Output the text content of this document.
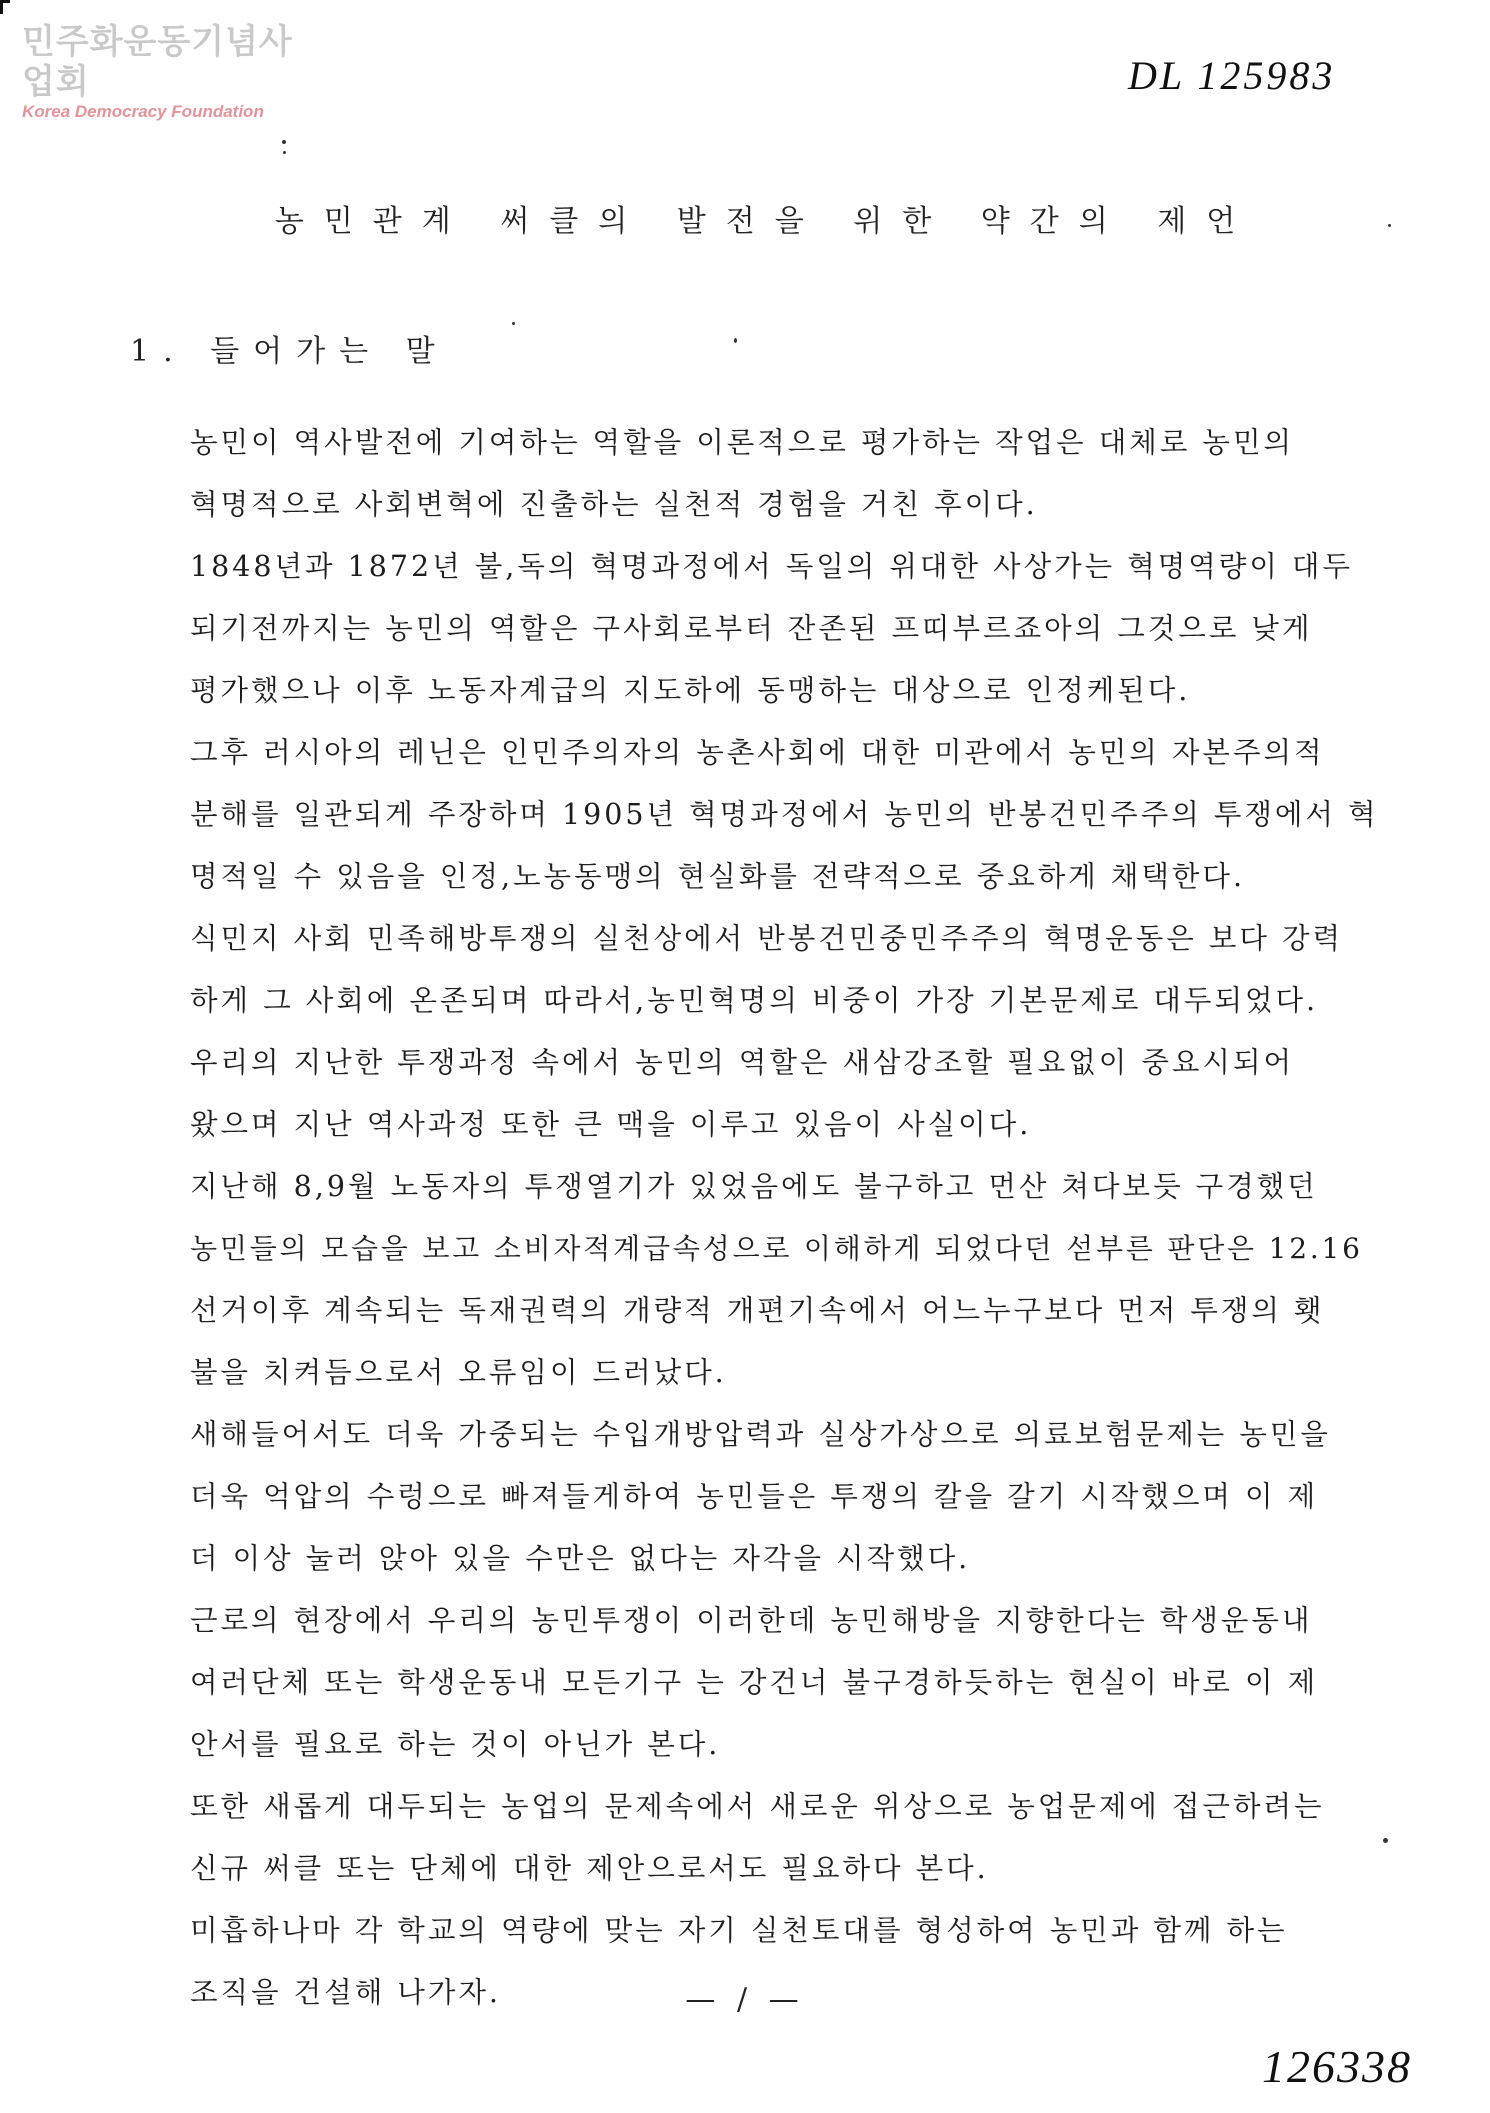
민주화운동기념사업회
Korea Democracy Foundation
DL 125983
농민관계 써클의 발전을 위한 약간의 제언
1. 들어가는 말
농민이 역사발전에 기여하는 역할을 이론적으로 평가하는 작업은 대체로 농민의
혁명적으로 사회변혁에 진출하는 실천적 경험을 거친 후이다.
1848년과 1872년 불,독의 혁명과정에서 독일의 위대한 사상가는 혁명역량이 대두
되기전까지는 농민의 역할은 구사회로부터 잔존된 프띠부르죠아의 그것으로 낮게
평가했으나 이후 노동자계급의 지도하에 동맹하는 대상으로 인정케된다.
그후 러시아의 레닌은 인민주의자의 농촌사회에 대한 미관에서 농민의 자본주의적
분해를 일관되게 주장하며 1905년 혁명과정에서 농민의 반봉건민주주의 투쟁에서 혁
명적일 수 있음을 인정,노농동맹의 현실화를 전략적으로 중요하게 채택한다.
식민지 사회 민족해방투쟁의 실천상에서 반봉건민중민주주의 혁명운동은 보다 강력
하게 그 사회에 온존되며 따라서,농민혁명의 비중이 가장 기본문제로 대두되었다.
우리의 지난한 투쟁과정 속에서 농민의 역할은 새삼강조할 필요없이 중요시되어
왔으며 지난 역사과정 또한 큰 맥을 이루고 있음이 사실이다.
지난해 8,9월 노동자의 투쟁열기가 있었음에도 불구하고 먼산 쳐다보듯 구경했던
농민들의 모습을 보고 소비자적계급속성으로 이해하게 되었다던 섣부른 판단은 12.16
선거이후 계속되는 독재권력의 개량적 개편기속에서 어느누구보다 먼저 투쟁의 횃
불을 치켜듬으로서 오류임이 드러났다.
새해들어서도 더욱 가중되는 수입개방압력과 실상가상으로 의료보험문제는 농민을
더욱 억압의 수렁으로 빠져들게하여 농민들은 투쟁의 칼을 갈기 시작했으며 이 제
더 이상 눌러 앉아 있을 수만은 없다는 자각을 시작했다.
근로의 현장에서 우리의 농민투쟁이 이러한데 농민해방을 지향한다는 학생운동내
여러단체 또는 학생운동내 모든기구 는 강건너 불구경하듯하는 현실이 바로 이 제
안서를 필요로 하는 것이 아닌가 본다.
또한 새롭게 대두되는 농업의 문제속에서 새로운 위상으로 농업문제에 접근하려는
신규 써클 또는 단체에 대한 제안으로서도 필요하다 본다.
미흡하나마 각 학교의 역량에 맞는 자기 실천토대를 형성하여 농민과 함께 하는
조직을 건설해 나가자.	— / —
126338
